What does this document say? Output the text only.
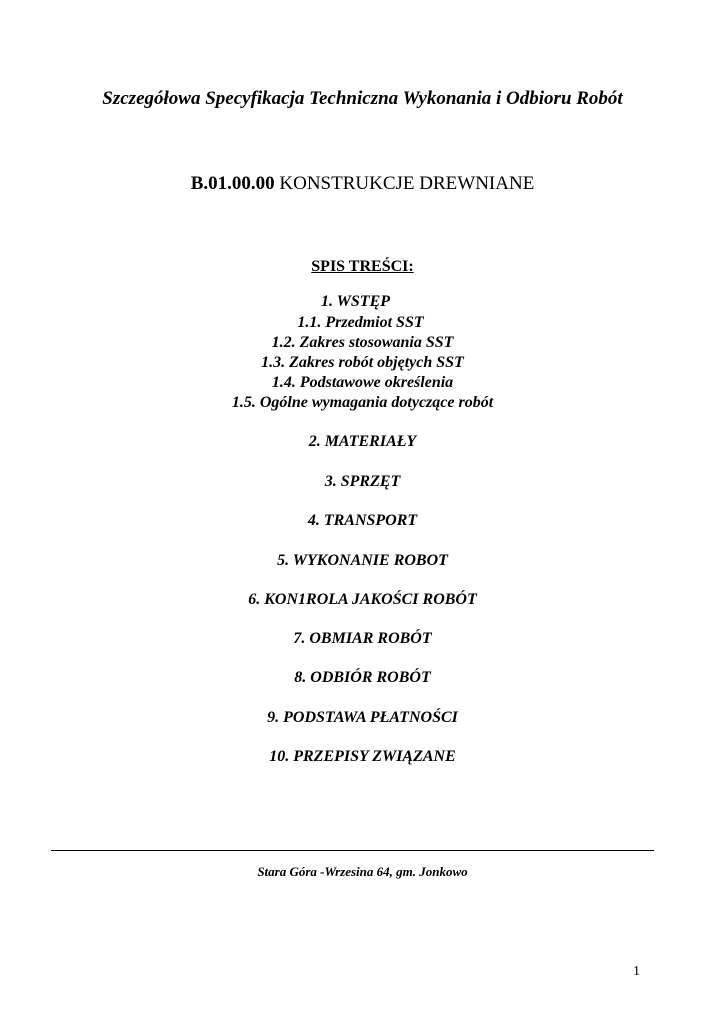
Szczegółowa Specyfikacja Techniczna Wykonania i Odbioru Robót
B.01.00.00 KONSTRUKCJE DREWNIANE
SPIS TREŚCI:
1. WSTĘP
1.1. Przedmiot SST
1.2. Zakres stosowania SST
1.3. Zakres robót objętych SST
1.4. Podstawowe określenia
1.5. Ogólne wymagania dotyczące robót
2. MATERIAŁY
3. SPRZĘT
4. TRANSPORT
5. WYKONANIE ROBOT
6. KON1ROLA JAKOŚCI ROBÓT
7. OBMIAR ROBÓT
8. ODBIÓR ROBÓT
9. PODSTAWA PŁATNOŚCI
10. PRZEPISY ZWIĄZANE
Stara Góra -Wrzesina 64, gm. Jonkowo
1
